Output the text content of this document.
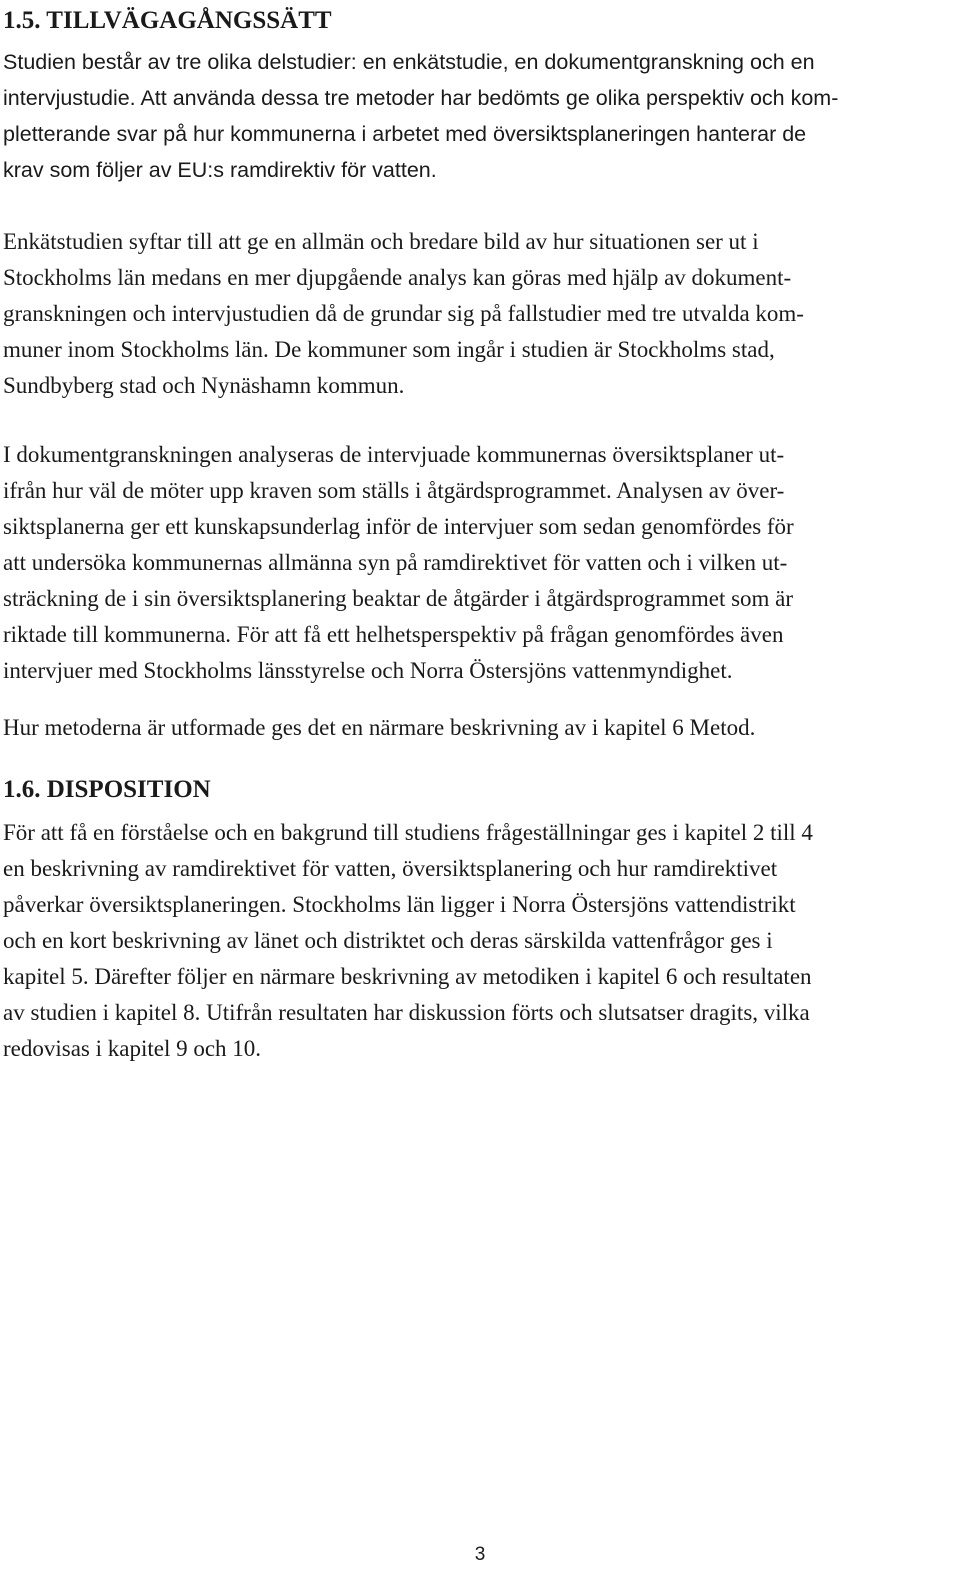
1.5. TILLVÄGAGÅNGSSÄTT

Studien består av tre olika delstudier: en enkätstudie, en dokumentgranskning och en
intervjustudie. Att använda dessa tre metoder har bedömts ge olika perspektiv och kom-
pletterande svar på hur kommunerna i arbetet med översiktsplaneringen hanterar de
krav som följer av EU:s ramdirektiv för vatten.

Enkätstudien syftar till att ge en allmän och bredare bild av hur situationen ser ut i
Stockholms län medans en mer djupgående analys kan göras med hjälp av dokument-
granskningen och intervjustudien då de grundar sig på fallstudier med tre utvalda kom-
muner inom Stockholms län. De kommuner som ingår i studien är Stockholms stad,
Sundbyberg stad och Nynäshamn kommun.

I dokumentgranskningen analyseras de intervjuade kommunernas översiktsplaner ut-
ifrån hur väl de möter upp kraven som ställs i åtgärdsprogrammet. Analysen av över-
siktsplanerna ger ett kunskapsunderlag inför de intervjuer som sedan genomfördes för
att undersöka kommunernas allmänna syn på ramdirektivet för vatten och i vilken ut-
sträckning de i sin översiktsplanering beaktar de åtgärder i åtgärdsprogrammet som är
riktade till kommunerna. För att få ett helhetsperspektiv på frågan genomfördes även
intervjuer med Stockholms länsstyrelse och Norra Östersjöns vattenmyndighet.

Hur metoderna är utformade ges det en närmare beskrivning av i kapitel 6 Metod.

1.6. DISPOSITION

För att få en förståelse och en bakgrund till studiens frågeställningar ges i kapitel 2 till 4
en beskrivning av ramdirektivet för vatten, översiktsplanering och hur ramdirektivet
påverkar översiktsplaneringen. Stockholms län ligger i Norra Östersjöns vattendistrikt
och en kort beskrivning av länet och distriktet och deras särskilda vattenfrågor ges i
kapitel 5. Därefter följer en närmare beskrivning av metodiken i kapitel 6 och resultaten
av studien i kapitel 8. Utifrån resultaten har diskussion förts och slutsatser dragits, vilka
redovisas i kapitel 9 och 10.

3
